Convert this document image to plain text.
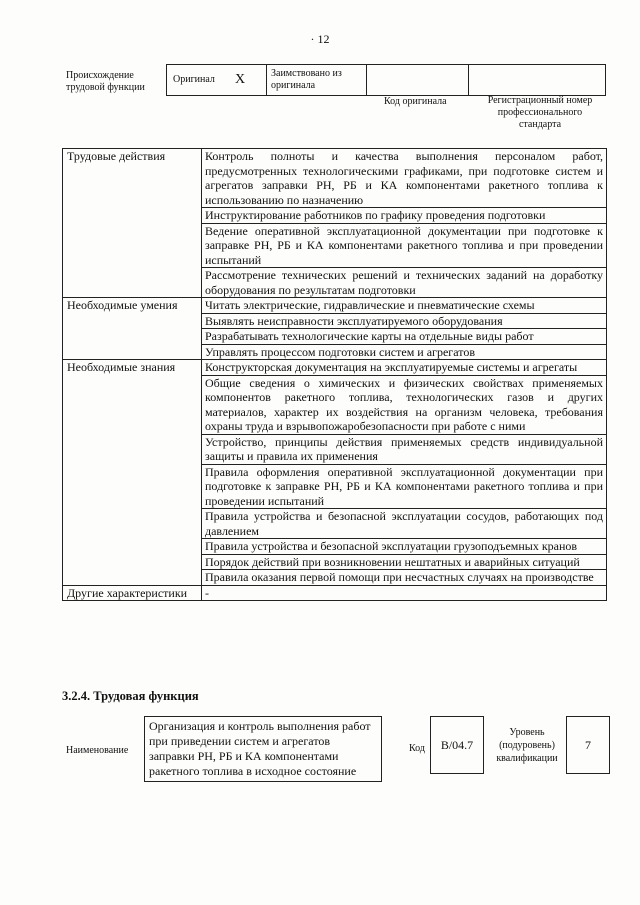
· 12
Происхождение трудовой функции
Оригинал	X	Заимствовано из оригинала
Код оригинала	Регистрационный номер профессионального стандарта
Трудовые действия	Контроль полноты и качества выполнения персоналом работ, предусмотренных технологическими графиками, при подготовке систем и агрегатов заправки РН, РБ и КА компонентами ракетного топлива к использованию по назначению
	Инструктирование работников по графику проведения подготовки
	Ведение оперативной эксплуатационной документации при подготовке к заправке РН, РБ и КА компонентами ракетного топлива и при проведении испытаний
	Рассмотрение технических решений и технических заданий на доработку оборудования по результатам подготовки
Необходимые умения	Читать электрические, гидравлические и пневматические схемы
	Выявлять неисправности эксплуатируемого оборудования
	Разрабатывать технологические карты на отдельные виды работ
	Управлять процессом подготовки систем и агрегатов
Необходимые знания	Конструкторская документация на эксплуатируемые системы и агрегаты
	Общие сведения о химических и физических свойствах применяемых компонентов ракетного топлива, технологических газов и других материалов, характер их воздействия на организм человека, требования охраны труда и взрывопожаробезопасности при работе с ними
	Устройство, принципы действия применяемых средств индивидуальной защиты и правила их применения
	Правила оформления оперативной эксплуатационной документации при подготовке к заправке РН, РБ и КА компонентами ракетного топлива и при проведении испытаний
	Правила устройства и безопасной эксплуатации сосудов, работающих под давлением
	Правила устройства и безопасной эксплуатации грузоподъемных кранов
	Порядок действий при возникновении нештатных и аварийных ситуаций
	Правила оказания первой помощи при несчастных случаях на производстве
Другие характеристики	-
3.2.4. Трудовая функция
Наименование
Организация и контроль выполнения работ при приведении систем и агрегатов заправки РН, РБ и КА компонентами ракетного топлива в исходное состояние
Код	B/04.7
Уровень (подуровень) квалификации
7
